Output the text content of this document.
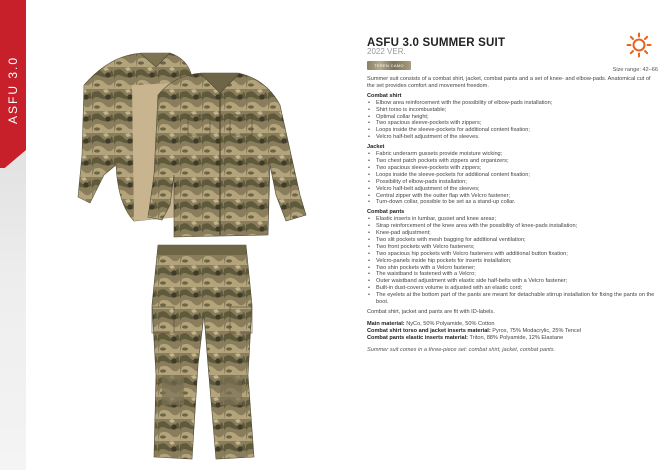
ASFU 3.0
ASFU 3.0 SUMMER SUIT
2022 VER.
TEREN CAMO
Size range: 42–66

Summer suit consists of a combat shirt, jacket, combat pants and a set of knee- and elbow-pads. Anatomical cut of the set provides comfort and movement freedom.

Combat shirt
• Elbow area reinforcement with the possibility of elbow-pads installation;
• Shirt torso is incombustable;
• Optimal collar height;
• Two spacious sleeve-pockets with zippers;
• Loops inside the sleeve-pockets for additional content fixation;
• Velcro half-belt adjustment of the sleeves.
Jacket
• Fabric underarm gussets provide moisture wicking;
• Two chest patch pockets with zippers and organizers;
• Two spacious sleeve-pockets with zippers;
• Loops inside the sleeve-pockets for additional content fixation;
• Possibility of elbow-pads installation;
• Velcro half-belt adjustment of the sleeves;
• Central zipper with the outter flap with Velcro fastener;
• Turn-down collar, possible to be set as a stand-up collar.
Combat pants
• Elastic inserts in lumbar, gusset and knee areas;
• Strap reinforcement of the knee area with the possibility of knee-pads installation;
• Knee-pad adjustment;
• Two slit pockets with mesh bagging for additional ventilation;
• Two front pockets with Velcro fasteners;
• Two spacious hip pockets with Velcro fasteners with additional button fixation;
• Velcro-panels inside hip pockets for inserts installation;
• Two shin pockets with a Velcro fastener;
• The waistband is fastened with a Velcro;
• Outer waistband adjustment with elastic side half-belts with a Velcro fastener;
• Built-in dust-covers volume is adjusted with an elastic cord;
• The eyelets at the bottom part of the pants are meant for detachable stirrup installation for fixing the pants on the boot.

Combat shirt, jacket and pants are fit with ID-labels.

Main material: NyCo, 50% Polyamide, 50% Cotton

Combat shirt torso and jacket inserts material: Pyros, 75% Modacrylic, 25% Tencel

Combat pants elastic inserts material: Triton, 88% Polyamide, 12% Elastane

Summer suit comes in a three-piece set: combat shirt, jacket, combat pants.
